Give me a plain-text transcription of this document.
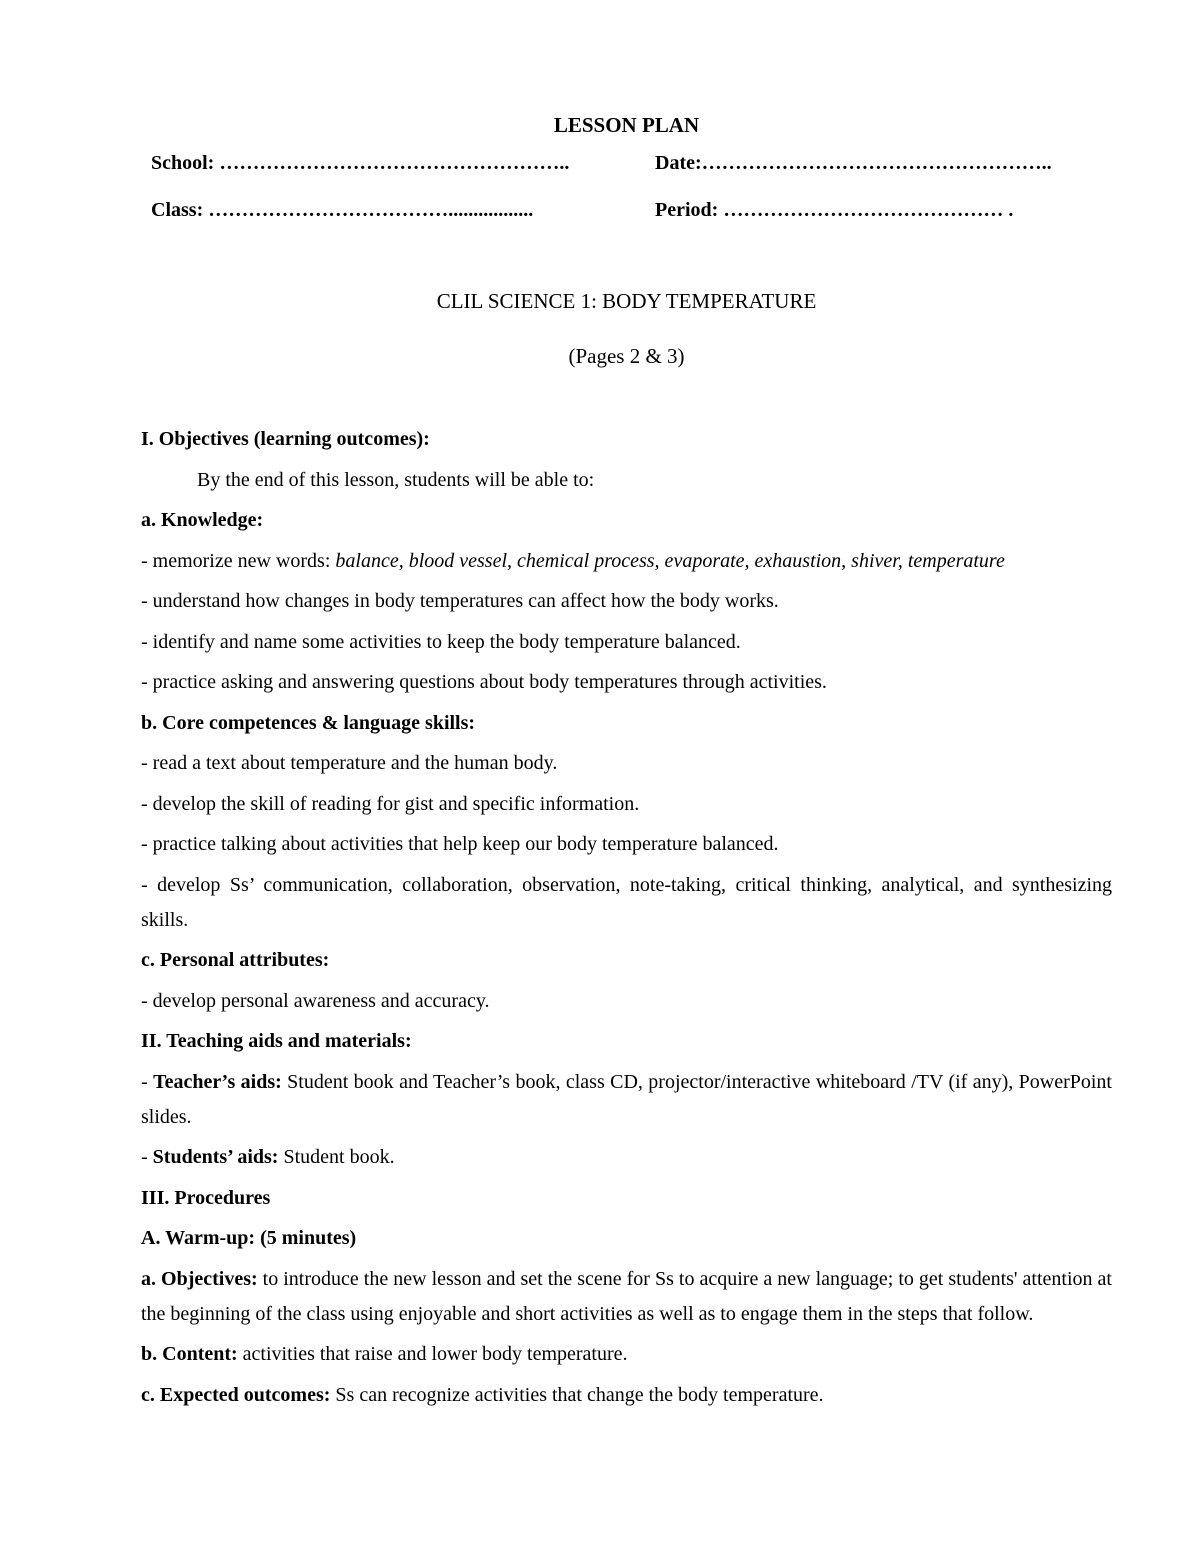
LESSON PLAN

School: ……………………………………………..	Date:……………………………………………..
Class: ……………………………….................	Period: …………………………………… .

CLIL SCIENCE 1: BODY TEMPERATURE

(Pages 2 & 3)

I. Objectives (learning outcomes):

By the end of this lesson, students will be able to:

a. Knowledge:

- memorize new words: balance, blood vessel, chemical process, evaporate, exhaustion, shiver, temperature

- understand how changes in body temperatures can affect how the body works.

- identify and name some activities to keep the body temperature balanced.

- practice asking and answering questions about body temperatures through activities.

b. Core competences & language skills:

- read a text about temperature and the human body.

- develop the skill of reading for gist and specific information.

- practice talking about activities that help keep our body temperature balanced.

- develop Ss’ communication, collaboration, observation, note-taking, critical thinking, analytical, and synthesizing skills.

c. Personal attributes:

- develop personal awareness and accuracy.

II. Teaching aids and materials:

- Teacher’s aids: Student book and Teacher’s book, class CD, projector/interactive whiteboard /TV (if any), PowerPoint slides.

- Students’ aids: Student book.

III. Procedures

A. Warm-up: (5 minutes)

a. Objectives: to introduce the new lesson and set the scene for Ss to acquire a new language; to get students' attention at the beginning of the class using enjoyable and short activities as well as to engage them in the steps that follow.

b. Content: activities that raise and lower body temperature.

c. Expected outcomes: Ss can recognize activities that change the body temperature.
